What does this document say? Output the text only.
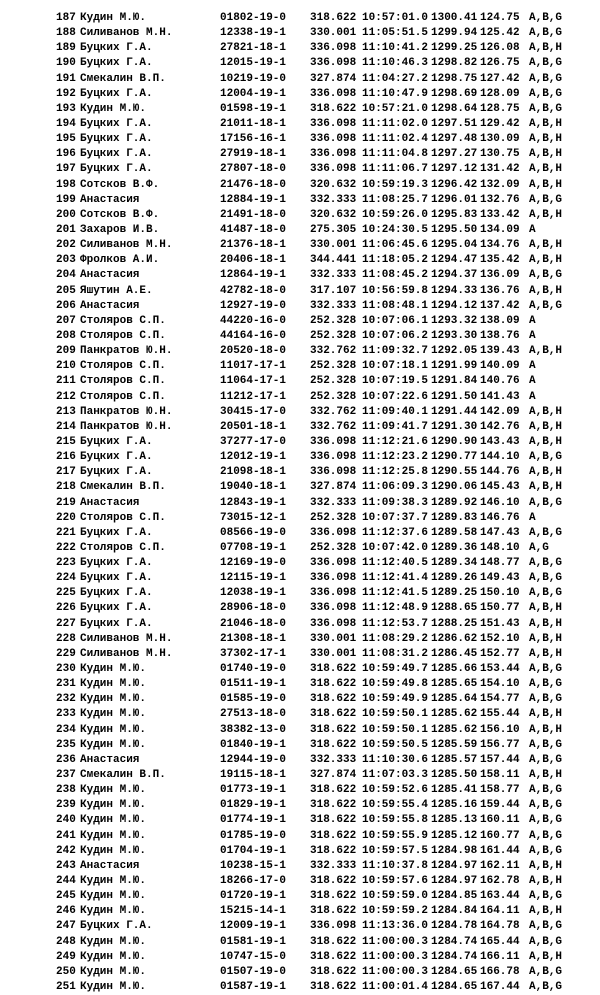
187 Кудин М.Ю.	01802-19-0 318.622 10:57:01.0 1300.41 124.75 A,B,G
188 Силиванов М.Н.	12338-19-1 330.001 11:05:51.5 1299.94 125.42 A,B,G
189 Буцких Г.А.	27821-18-1 336.098 11:10:41.2 1299.25 126.08 A,B,H
190 Буцких Г.А.	12015-19-1 336.098 11:10:46.3 1298.82 126.75 A,B,G
191 Смекалин В.П.	10219-19-0 327.874 11:04:27.2 1298.75 127.42 A,B,G
192 Буцких Г.А.	12004-19-1 336.098 11:10:47.9 1298.69 128.09 A,B,G
193 Кудин М.Ю.	01598-19-1 318.622 10:57:21.0 1298.64 128.75 A,B,G
194 Буцких Г.А.	21011-18-1 336.098 11:11:02.0 1297.51 129.42 A,B,H
195 Буцких Г.А.	17156-16-1 336.098 11:11:02.4 1297.48 130.09 A,B,H
196 Буцких Г.А.	27919-18-1 336.098 11:11:04.8 1297.27 130.75 A,B,H
197 Буцких Г.А.	27807-18-0 336.098 11:11:06.7 1297.12 131.42 A,B,H
198 Сотсков В.Ф.	21476-18-0 320.632 10:59:19.3 1296.42 132.09 A,B,H
199 Анастасия	12884-19-1 332.333 11:08:25.7 1296.01 132.76 A,B,G
200 Сотсков В.Ф.	21491-18-0 320.632 10:59:26.0 1295.83 133.42 A,B,H
201 Захаров И.В.	41487-18-0 275.305 10:24:30.5 1295.50 134.09 A
202 Силиванов М.Н.	21376-18-1 330.001 11:06:45.6 1295.04 134.76 A,B,H
203 Фролков А.И.	20406-18-1 344.441 11:18:05.2 1294.47 135.42 A,B,H
204 Анастасия	12864-19-1 332.333 11:08:45.2 1294.37 136.09 A,B,G
205 Яшутин А.Е.	42782-18-0 317.107 10:56:59.8 1294.33 136.76 A,B,H
206 Анастасия	12927-19-0 332.333 11:08:48.1 1294.12 137.42 A,B,G
207 Столяров С.П.	44220-16-0 252.328 10:07:06.1 1293.32 138.09 A
208 Столяров С.П.	44164-16-0 252.328 10:07:06.2 1293.30 138.76 A
209 Панкратов Ю.Н.	20520-18-0 332.762 11:09:32.7 1292.05 139.43 A,B,H
210 Столяров С.П.	11017-17-1 252.328 10:07:18.1 1291.99 140.09 A
211 Столяров С.П.	11064-17-1 252.328 10:07:19.5 1291.84 140.76 A
212 Столяров С.П.	11212-17-1 252.328 10:07:22.6 1291.50 141.43 A
213 Панкратов Ю.Н.	30415-17-0 332.762 11:09:40.1 1291.44 142.09 A,B,H
214 Панкратов Ю.Н.	20501-18-1 332.762 11:09:41.7 1291.30 142.76 A,B,H
215 Буцких Г.А.	37277-17-0 336.098 11:12:21.6 1290.90 143.43 A,B,H
216 Буцких Г.А.	12012-19-1 336.098 11:12:23.2 1290.77 144.10 A,B,G
217 Буцких Г.А.	21098-18-1 336.098 11:12:25.8 1290.55 144.76 A,B,H
218 Смекалин В.П.	19040-18-1 327.874 11:06:09.3 1290.06 145.43 A,B,H
219 Анастасия	12843-19-1 332.333 11:09:38.3 1289.92 146.10 A,B,G
220 Столяров С.П.	73015-12-1 252.328 10:07:37.7 1289.83 146.76 A
221 Буцких Г.А.	08566-19-0 336.098 11:12:37.6 1289.58 147.43 A,B,G
222 Столяров С.П.	07708-19-1 252.328 10:07:42.0 1289.36 148.10 A,G
223 Буцких Г.А.	12169-19-0 336.098 11:12:40.5 1289.34 148.77 A,B,G
224 Буцких Г.А.	12115-19-1 336.098 11:12:41.4 1289.26 149.43 A,B,G
225 Буцких Г.А.	12038-19-1 336.098 11:12:41.5 1289.25 150.10 A,B,G
226 Буцких Г.А.	28906-18-0 336.098 11:12:48.9 1288.65 150.77 A,B,H
227 Буцких Г.А.	21046-18-0 336.098 11:12:53.7 1288.25 151.43 A,B,H
228 Силиванов М.Н.	21308-18-1 330.001 11:08:29.2 1286.62 152.10 A,B,H
229 Силиванов М.Н.	37302-17-1 330.001 11:08:31.2 1286.45 152.77 A,B,H
230 Кудин М.Ю.	01740-19-0 318.622 10:59:49.7 1285.66 153.44 A,B,G
231 Кудин М.Ю.	01511-19-1 318.622 10:59:49.8 1285.65 154.10 A,B,G
232 Кудин М.Ю.	01585-19-0 318.622 10:59:49.9 1285.64 154.77 A,B,G
233 Кудин М.Ю.	27513-18-0 318.622 10:59:50.1 1285.62 155.44 A,B,H
234 Кудин М.Ю.	38382-13-0 318.622 10:59:50.1 1285.62 156.10 A,B,H
235 Кудин М.Ю.	01840-19-1 318.622 10:59:50.5 1285.59 156.77 A,B,G
236 Анастасия	12944-19-0 332.333 11:10:30.6 1285.57 157.44 A,B,G
237 Смекалин В.П.	19115-18-1 327.874 11:07:03.3 1285.50 158.11 A,B,H
238 Кудин М.Ю.	01773-19-1 318.622 10:59:52.6 1285.41 158.77 A,B,G
239 Кудин М.Ю.	01829-19-1 318.622 10:59:55.4 1285.16 159.44 A,B,G
240 Кудин М.Ю.	01774-19-1 318.622 10:59:55.8 1285.13 160.11 A,B,G
241 Кудин М.Ю.	01785-19-0 318.622 10:59:55.9 1285.12 160.77 A,B,G
242 Кудин М.Ю.	01704-19-1 318.622 10:59:57.5 1284.98 161.44 A,B,G
243 Анастасия	10238-15-1 332.333 11:10:37.8 1284.97 162.11 A,B,H
244 Кудин М.Ю.	18266-17-0 318.622 10:59:57.6 1284.97 162.78 A,B,H
245 Кудин М.Ю.	01720-19-1 318.622 10:59:59.0 1284.85 163.44 A,B,G
246 Кудин М.Ю.	15215-14-1 318.622 10:59:59.2 1284.84 164.11 A,B,H
247 Буцких Г.А.	12009-19-1 336.098 11:13:36.0 1284.78 164.78 A,B,G
248 Кудин М.Ю.	01581-19-1 318.622 11:00:00.3 1284.74 165.44 A,B,G
249 Кудин М.Ю.	10747-15-0 318.622 11:00:00.3 1284.74 166.11 A,B,H
250 Кудин М.Ю.	01507-19-0 318.622 11:00:00.3 1284.65 166.78 A,B,G
251 Кудин М.Ю.	01587-19-1 318.622 11:00:01.4 1284.65 167.44 A,B,G
